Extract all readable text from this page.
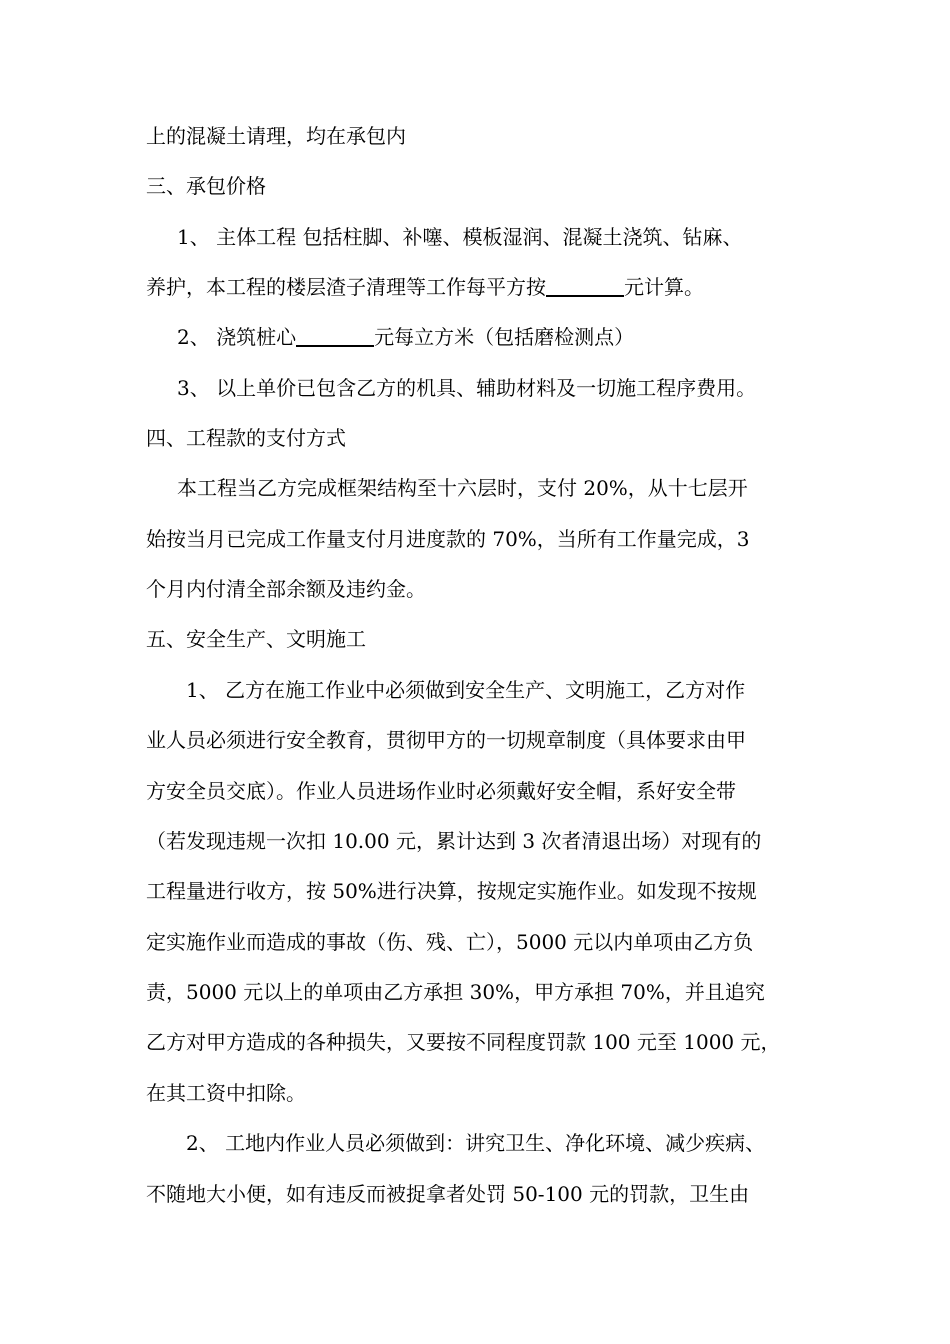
上的混凝土请理，均在承包内
三、承包价格
1、 主体工程 包括柱脚、补噻、模板湿润、混凝土浇筑、钻麻、
养护，本工程的楼层渣子清理等工作每平方按	元计算。
2、 浇筑桩心	元每立方米（包括磨检测点）
3、 以上单价已包含乙方的机具、辅助材料及一切施工程序费用。
四、工程款的支付方式
本工程当乙方完成框架结构至十六层时，支付 20%，从十七层开
始按当月已完成工作量支付月进度款的 70%，当所有工作量完成，3
个月内付清全部余额及违约金。
五、安全生产、文明施工
1、 乙方在施工作业中必须做到安全生产、文明施工，乙方对作
业人员必须进行安全教育，贯彻甲方的一切规章制度（具体要求由甲
方安全员交底）。作业人员进场作业时必须戴好安全帽，系好安全带
（若发现违规一次扣 10.00 元，累计达到 3 次者清退出场）对现有的
工程量进行收方，按 50%进行决算，按规定实施作业。如发现不按规
定实施作业而造成的事故（伤、残、亡），5000 元以内单项由乙方负
责，5000 元以上的单项由乙方承担 30%，甲方承担 70%，并且追究
乙方对甲方造成的各种损失，又要按不同程度罚款 100 元至 1000 元，
在其工资中扣除。
2、 工地内作业人员必须做到：讲究卫生、净化环境、减少疾病、
不随地大小便，如有违反而被捉拿者处罚 50-100 元的罚款，卫生由
